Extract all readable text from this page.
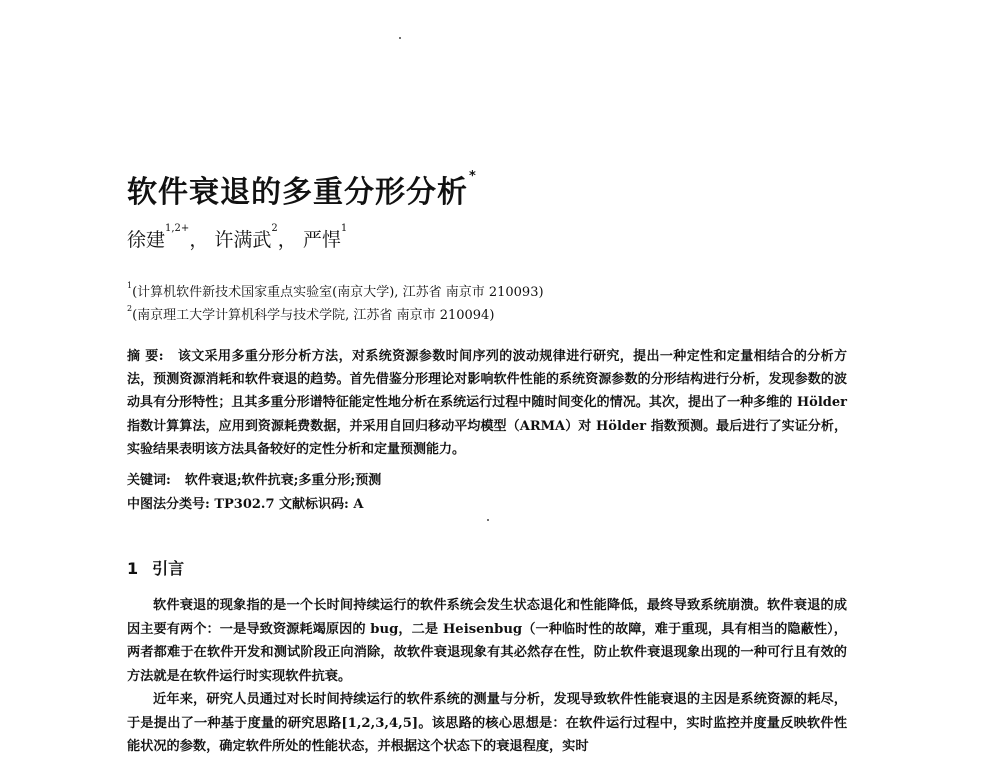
软件衰退的多重分形分析*
徐建$^{1,2+}$， 许满武$^2$， 严悍$^1$
$^1$(计算机软件新技术国家重点实验室(南京大学), 江苏省 南京市 210093)
$^2$(南京理工大学计算机科学与技术学院, 江苏省 南京市 210094)
摘 要: 该文采用多重分形分析方法，对系统资源参数时间序列的波动规律进行研究，提出一种定性和定量相结合的分析方法，预测资源消耗和软件衰退的趋势。首先借鉴分形理论对影响软件性能的系统资源参数的分形结构进行分析，发现参数的波动具有分形特性；且其多重分形谱特征能定性地分析在系统运行过程中随时间变化的情况。其次，提出了一种多维的 Hölder 指数计算算法，应用到资源耗费数据，并采用自回归移动平均模型（ARMA）对 Hölder 指数预测。最后进行了实证分析，实验结果表明该方法具备较好的定性分析和定量预测能力。
关键词: 软件衰退;软件抗衰;多重分形;预测
中图法分类号: TP302.7 文献标识码: A
1 引言
软件衰退的现象指的是一个长时间持续运行的软件系统会发生状态退化和性能降低，最终导致系统崩溃。软件衰退的成因主要有两个：一是导致资源耗竭原因的 bug，二是 Heisenbug（一种临时性的故障，难于重现，具有相当的隐蔽性），两者都难于在软件开发和测试阶段正向消除，故软件衰退现象有其必然存在性，防止软件衰退现象出现的一种可行且有效的方法就是在软件运行时实现软件抗衰。
近年来，研究人员通过对长时间持续运行的软件系统的测量与分析，发现导致软件性能衰退的主因是系统资源的耗尽，于是提出了一种基于度量的研究思路[1,2,3,4,5]。该思路的核心思想是：在软件运行过程中，实时监控并度量反映软件性能状况的参数，确定软件所处的性能状态，并根据这个状态下的衰退程度，实时
